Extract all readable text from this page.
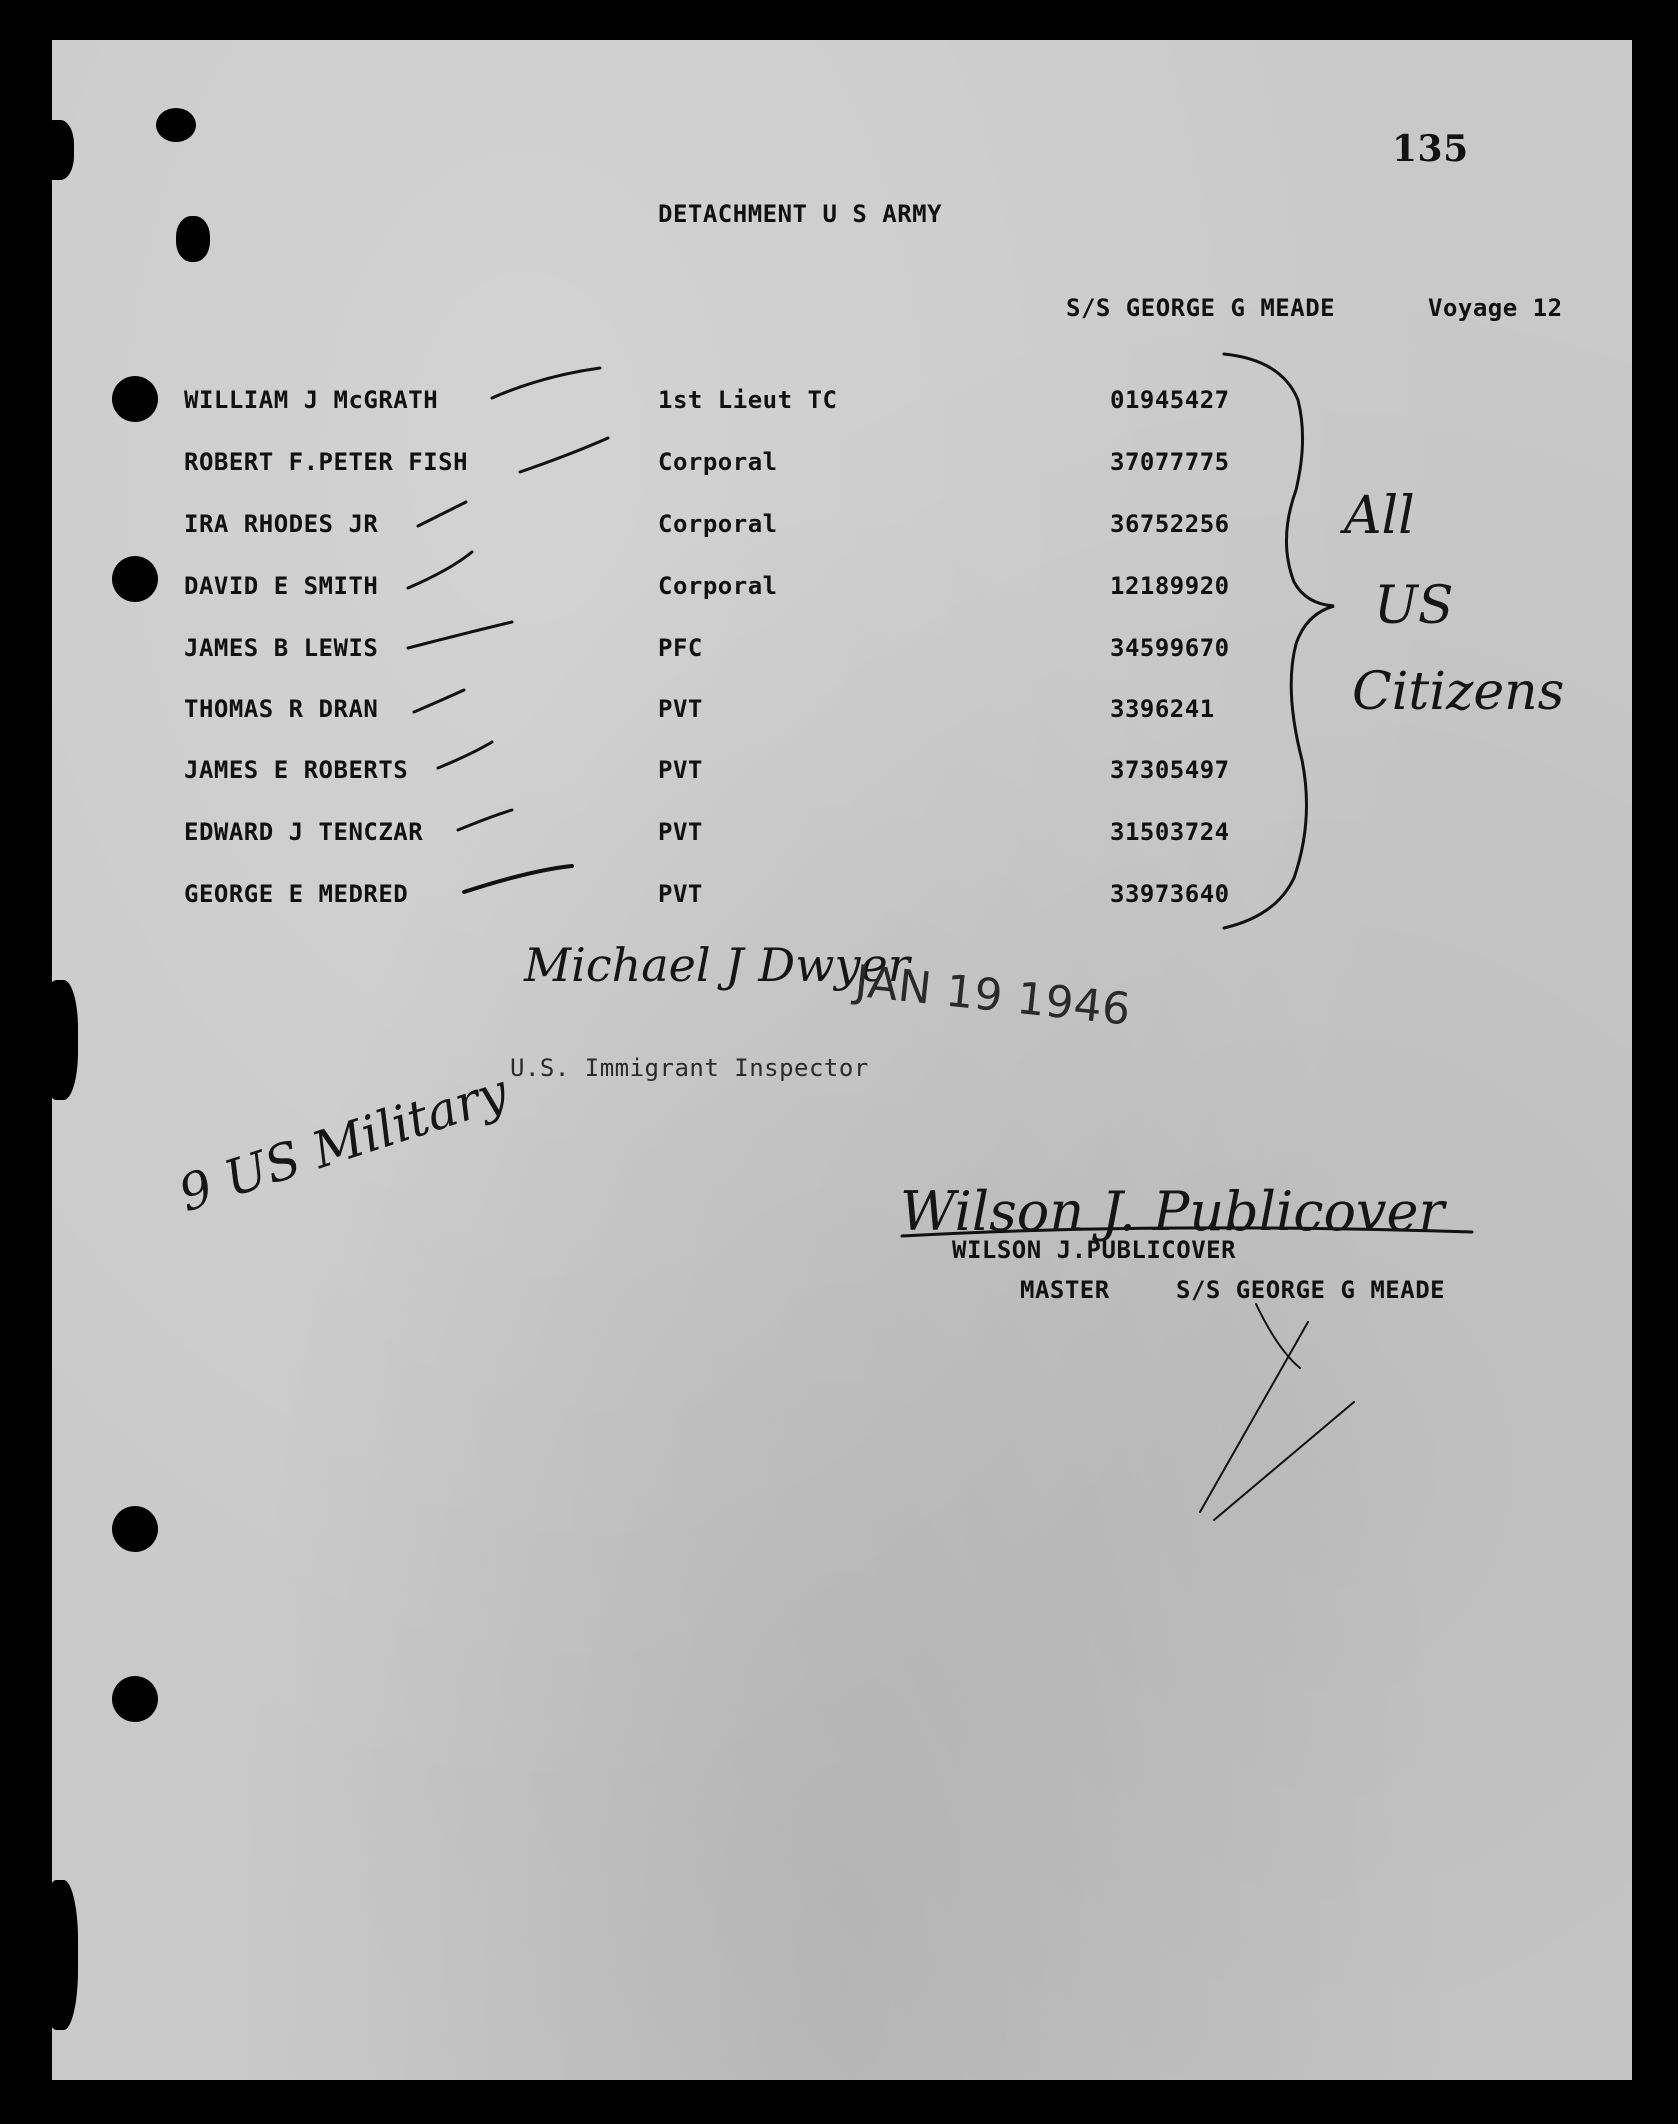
135
DETACHMENT U S ARMY
S/S GEORGE G MEADE	Voyage 12
WILLIAM J McGRATH	1st Lieut TC	01945427
ROBERT F.PETER FISH	Corporal	37077775
IRA RHODES JR	Corporal	36752256
DAVID E SMITH	Corporal	12189920
JAMES B LEWIS	PFC	34599670
THOMAS R DRAN	PVT	3396241
JAMES E ROBERTS	PVT	37305497
EDWARD J TENCZAR	PVT	31503724
GEORGE E MEDRED	PVT	33973640
All
US
Citizens
Michael J Dwyer
JAN 19 1946
U.S. Immigrant Inspector
9 US Military	Wilson J. Publicover
WILSON J.PUBLICOVER
MASTER	S/S GEORGE G MEADE
